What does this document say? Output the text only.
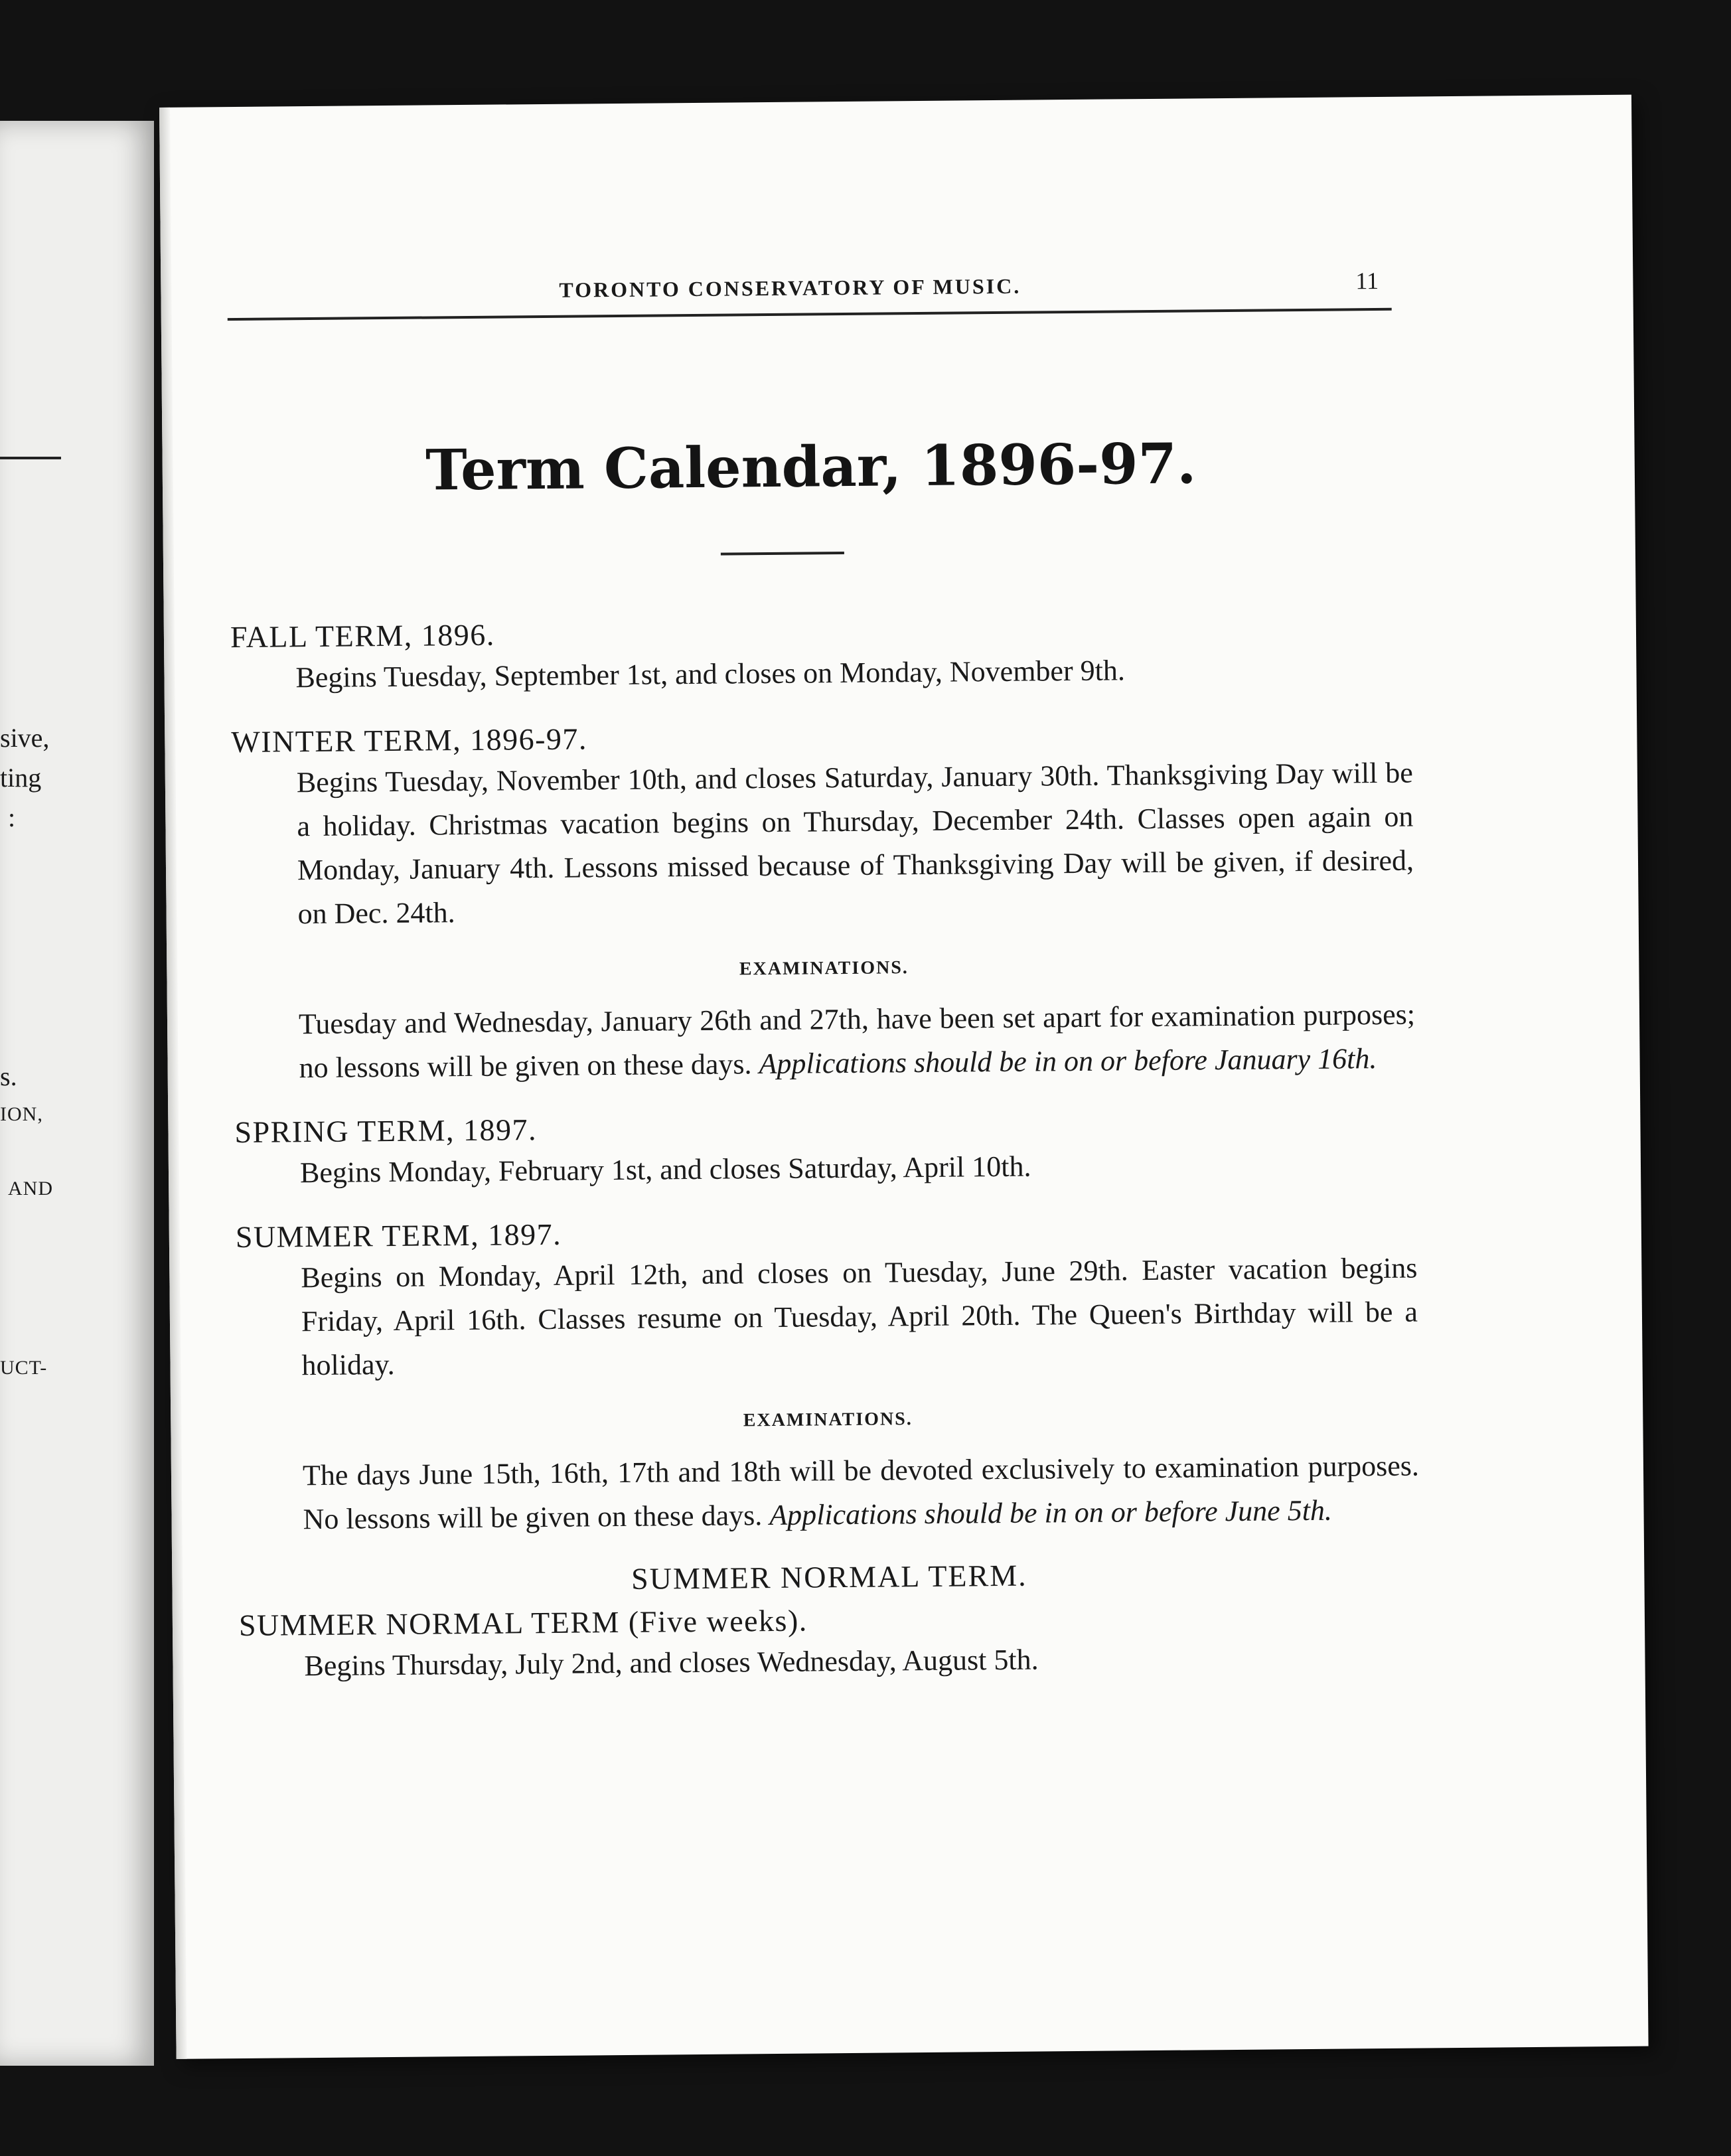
sive,
ting
:
s.
ION,
AND
UCT-
TORONTO CONSERVATORY OF MUSIC.	11
Term Calendar, 1896-97.
FALL TERM, 1896.
Begins Tuesday, September 1st, and closes on Monday, November 9th.
WINTER TERM, 1896-97.
Begins Tuesday, November 10th, and closes Saturday, January 30th. Thanksgiving Day will be a holiday. Christmas vacation begins on Thursday, December 24th. Classes open again on Monday, January 4th. Lessons missed because of Thanksgiving Day will be given, if desired, on Dec. 24th.
EXAMINATIONS.
Tuesday and Wednesday, January 26th and 27th, have been set apart for examination purposes; no lessons will be given on these days. Applications should be in on or before January 16th.
SPRING TERM, 1897.
Begins Monday, February 1st, and closes Saturday, April 10th.
SUMMER TERM, 1897.
Begins on Monday, April 12th, and closes on Tuesday, June 29th. Easter vacation begins Friday, April 16th. Classes resume on Tuesday, April 20th. The Queen's Birthday will be a holiday.
EXAMINATIONS.
The days June 15th, 16th, 17th and 18th will be devoted exclusively to examination purposes. No lessons will be given on these days. Applications should be in on or before June 5th.
SUMMER NORMAL TERM.
SUMMER NORMAL TERM (Five weeks).
Begins Thursday, July 2nd, and closes Wednesday, August 5th.
